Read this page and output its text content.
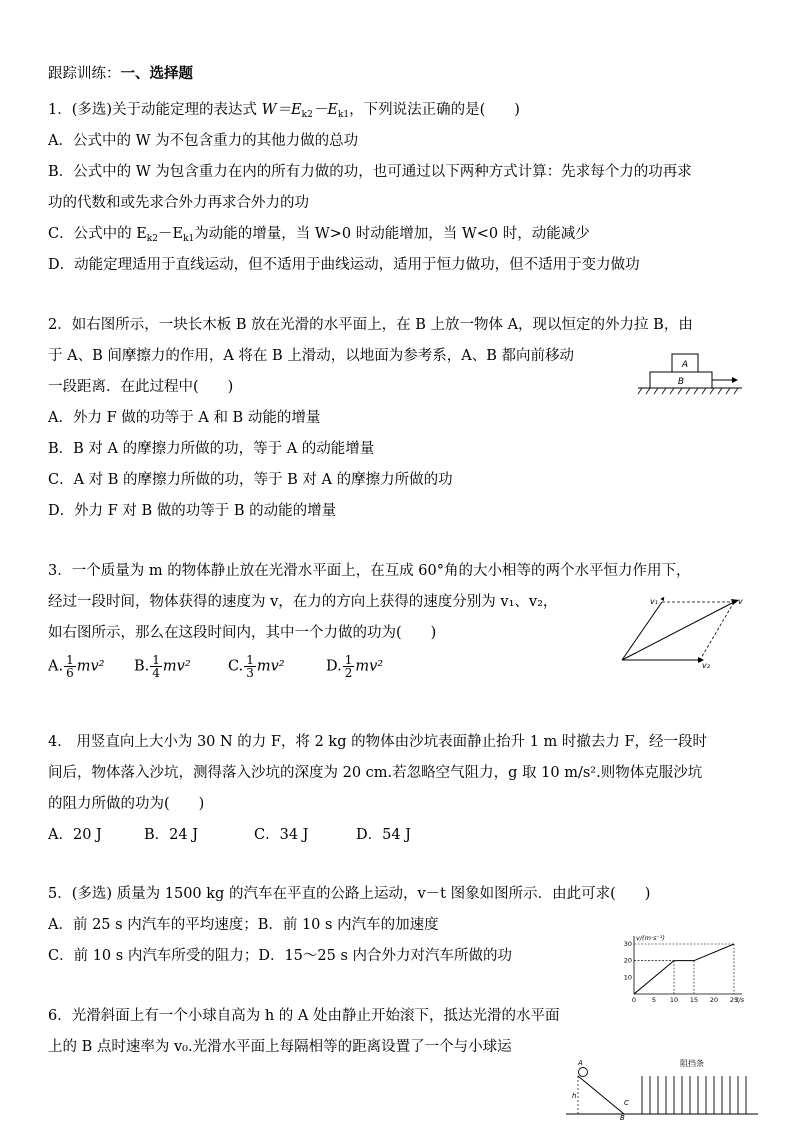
跟踪训练：一、选择题
1．(多选)关于动能定理的表达式 $W=E_{k2}-E_{k1}$，下列说法正确的是(　　)
A．公式中的 W 为不包含重力的其他力做的总功
B．公式中的 W 为包含重力在内的所有力做的功，也可通过以下两种方式计算：先求每个力的功再求
功的代数和或先求合外力再求合外力的功
C．公式中的 $E_{k2}-E_{k1}$为动能的增量，当 W>0 时动能增加，当 W<0 时，动能减少
D．动能定理适用于直线运动，但不适用于曲线运动，适用于恒力做功，但不适用于变力做功
2．如右图所示，一块长木板 B 放在光滑的水平面上，在 B 上放一物体 A，现以恒定的外力拉 B，由
于 A、B 间摩擦力的作用，A 将在 B 上滑动，以地面为参考系，A、B 都向前移动
一段距离．在此过程中(　　)
A．外力 F 做的功等于 A 和 B 动能的增量
B．B 对 A 的摩擦力所做的功，等于 A 的动能增量
C．A 对 B 的摩擦力所做的功，等于 B 对 A 的摩擦力所做的功
D．外力 F 对 B 做的功等于 B 的动能的增量
A
B
3．一个质量为 m 的物体静止放在光滑水平面上，在互成 60°角的大小相等的两个水平恒力作用下，
经过一段时间，物体获得的速度为 v，在力的方向上获得的速度分别为 v₁、v₂，
如右图所示，那么在这段时间内，其中一个力做的功为(　　)
A. $\frac{1}{6} mv^2$ B. $\frac{1}{4} mv^2$	C. $\frac{1}{3} mv^2$	D. $\frac{1}{2} mv^2$
v₁	v
v₂
4． 用竖直向上大小为 30 N 的力 F，将 2 kg 的物体由沙坑表面静止抬升 1 m 时撤去力 F，经一段时
间后，物体落入沙坑，测得落入沙坑的深度为 20 cm.若忽略空气阻力，g 取 10 m/s².则物体克服沙坑
的阻力所做的功为(　　)
A．20 J	B．24 J	C．34 J	D．54 J
5．(多选) 质量为 1500 kg 的汽车在平直的公路上运动，v－t 图象如图所示．由此可求(　　)
A．前 25 s 内汽车的平均速度；B．前 10 s 内汽车的加速度
C．前 10 s 内汽车所受的阻力；D．15～25 s 内合外力对汽车所做的功
0 5 10 15 20 25
10
20
30
v/(m·s⁻¹)
t/s
6．光滑斜面上有一个小球自高为 h 的 A 处由静止开始滚下，抵达光滑的水平面
上的 B 点时速率为 v₀.光滑水平面上每隔相等的距离设置了一个与小球运
A
h
B
C
阻挡条
